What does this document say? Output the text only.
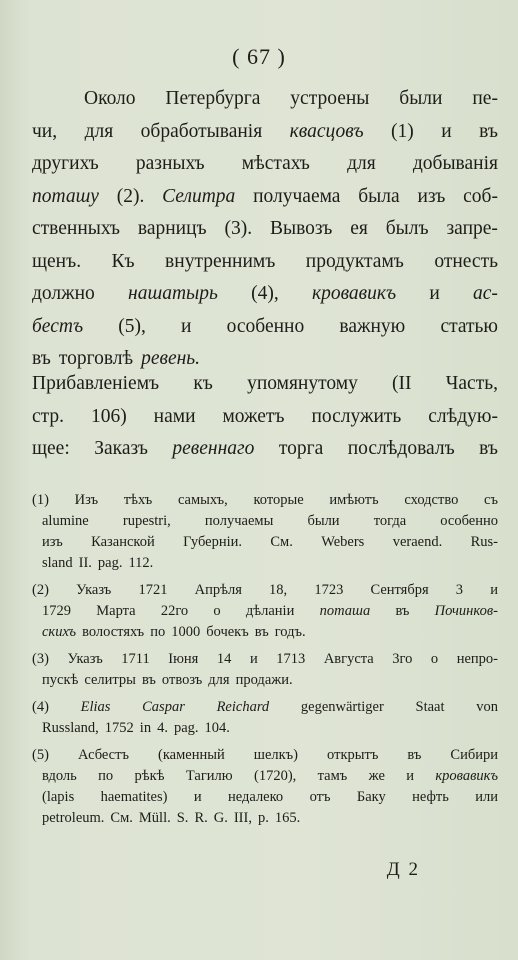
( 67 )
Около Петербурга устроены были пе-
чи, для обработыванія квасцовъ (1) и въ
другихъ разныхъ мѣстахъ для добыванія
поташу (2). Селитра получаема была изъ соб-
ственныхъ варницъ (3). Вывозъ ея былъ запре-
щенъ. Къ внутреннимъ продуктамъ отнесть
должно нашатырь (4), кровавикъ и ас-
бестъ (5), и особенно важную статью
въ торговлѣ ревень.
Прибавленіемъ къ упомянутому (II Часть,
стр. 106) нами можетъ послужить слѣдую-
щее: Заказъ ревеннаго торга послѣдовалъ въ
(1) Изъ тѣхъ самыхъ, которые имѣютъ сходство съ
alumine rupestri, получаемы были тогда особенно
изъ Казанской Губерніи. См. Webers veraend. Rus-
sland II. pag. 112.
(2) Указъ 1721 Апрѣля 18, 1723 Сентября 3 и
1729 Марта 22го о дѣланіи поташа въ Починков-
скихъ волостяхъ по 1000 бочекъ въ годъ.
(3) Указъ 1711 Іюня 14 и 1713 Августа 3го о непро-
пускѣ селитры въ отвозъ для продажи.
(4) Elias Caspar Reichard gegenwärtiger Staat von
Russland, 1752 in 4. pag. 104.
(5) Асбестъ (каменный шелкъ) открытъ въ Сибири
вдоль по рѣкѣ Тагилю (1720), тамъ же и кровавикъ
(lapis haematites) и недалеко отъ Баку нефть или
petroleum. См. Müll. S. R. G. III, p. 165.
Д 2
